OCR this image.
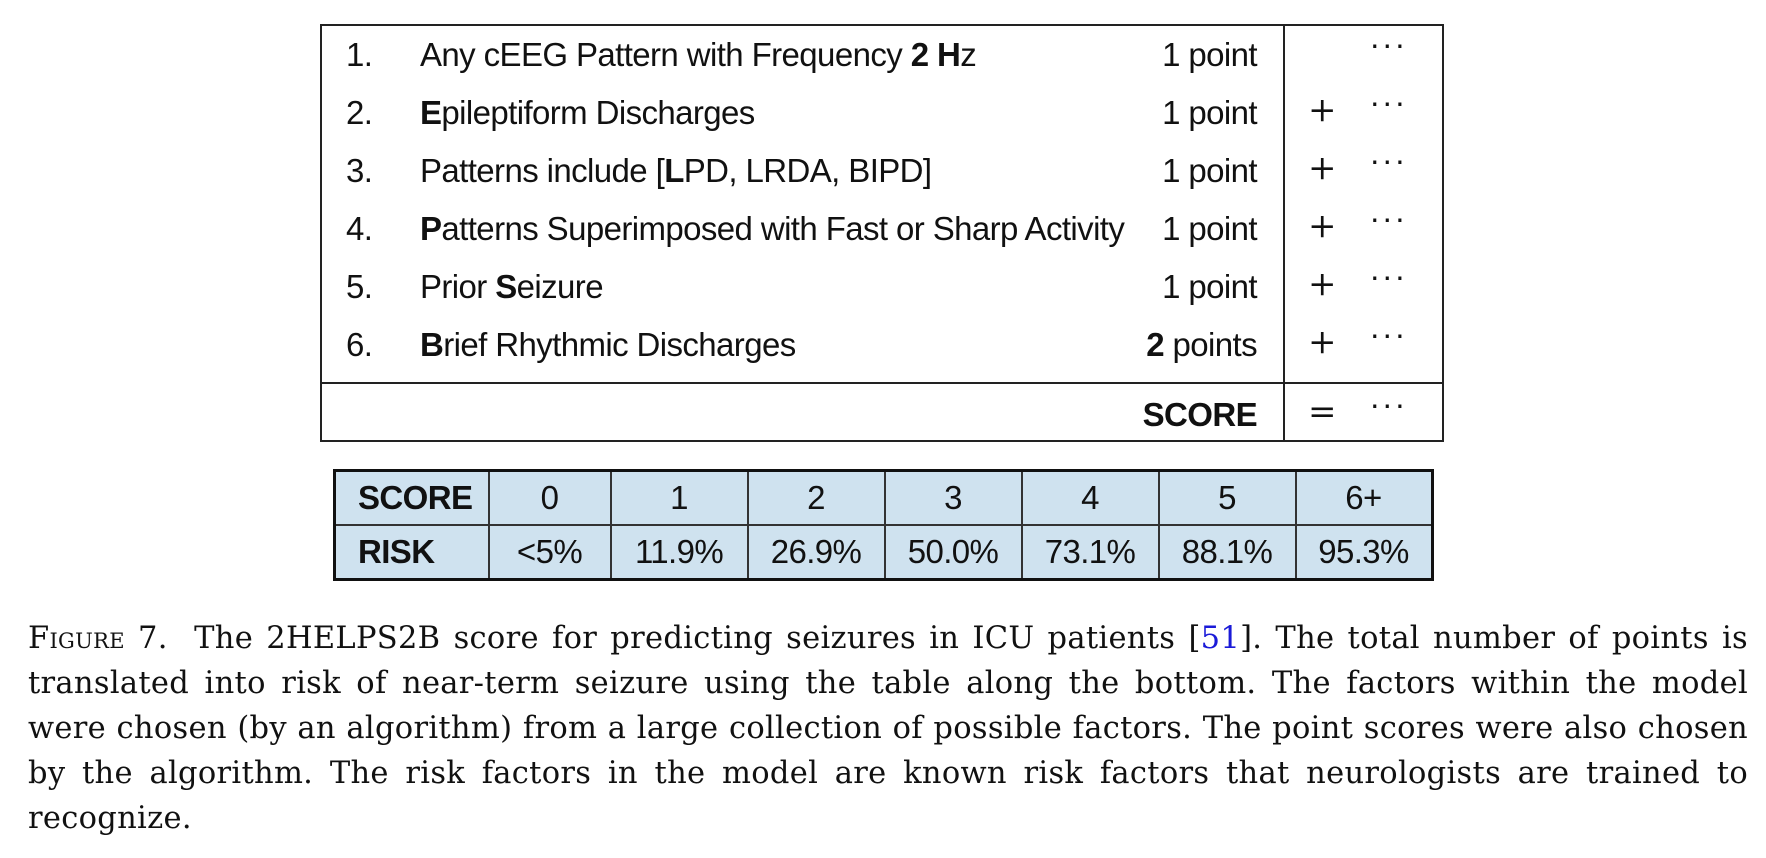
1. Any cEEG Pattern with Frequency 2 Hz	1 point	⋅⋅⋅
2. Epileptiform Discharges	1 point + ⋅⋅⋅
3. Patterns include [LPD, LRDA, BIPD]	1 point + ⋅⋅⋅
4. Patterns Superimposed with Fast or Sharp Activity 1 point + ⋅⋅⋅
5. Prior Seizure	1 point + ⋅⋅⋅
6. Brief Rhythmic Discharges	2 points + ⋅⋅⋅
SCORE = ⋅⋅⋅
SCORE	0	1	2	3	4	5	6+
RISK	<5%	11.9%	26.9%	50.0%	73.1%	88.1%	95.3%
Figure 7. The 2HELPS2B score for predicting seizures in ICU patients [51]. The total number of points is translated into risk of near-term seizure using the table along the bottom. The factors within the model were chosen (by an algorithm) from a large collection of possible factors. The point scores were also chosen by the algorithm. The risk factors in the model are known risk factors that neurologists are trained to recognize.
